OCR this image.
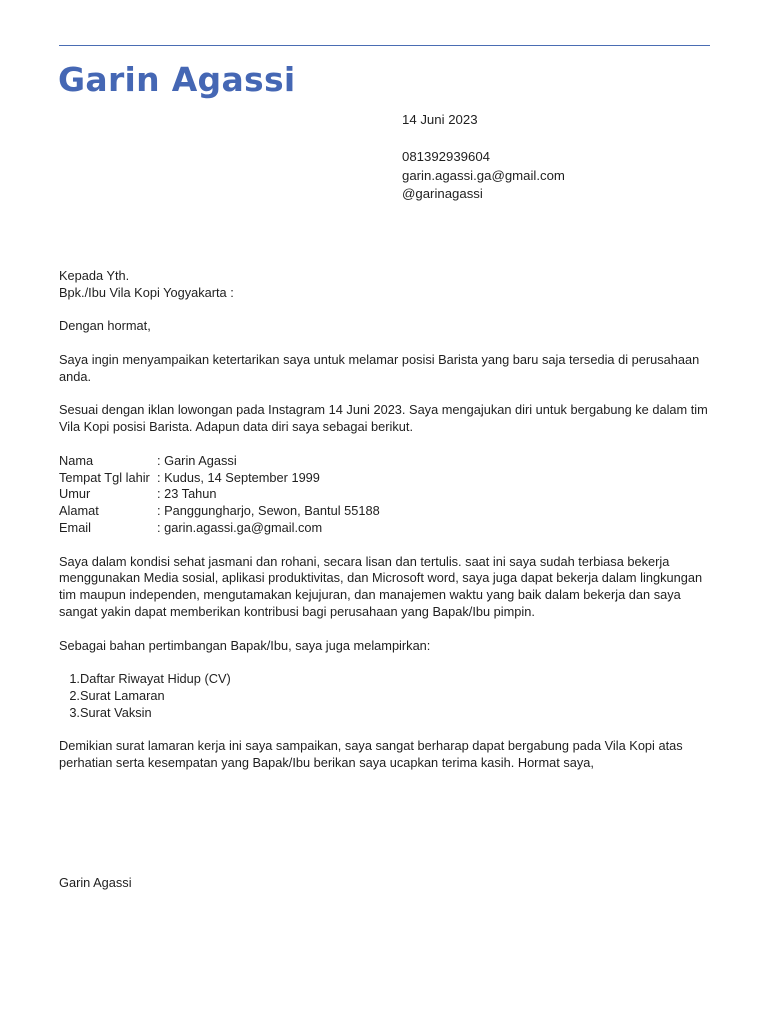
Garin Agassi
14 Juni 2023
081392939604
garin.agassi.ga@gmail.com
@garinagassi

Kepada Yth.

Bpk./Ibu Vila Kopi Yogyakarta :

Dengan hormat,

Saya ingin menyampaikan ketertarikan saya untuk melamar posisi Barista yang baru saja tersedia di perusahaan anda.

Sesuai dengan iklan lowongan pada Instagram 14 Juni 2023. Saya mengajukan diri untuk bergabung ke dalam tim Vila Kopi posisi Barista. Adapun data diri saya sebagai berikut.

Nama	: Garin Agassi
Tempat Tgl lahir : Kudus, 14 September 1999
Umur	: 23 Tahun
Alamat	: Panggungharjo, Sewon, Bantul 55188
Email	: garin.agassi.ga@gmail.com

Saya dalam kondisi sehat jasmani dan rohani, secara lisan dan tertulis. saat ini saya sudah terbiasa bekerja menggunakan Media sosial, aplikasi produktivitas, dan Microsoft word, saya juga dapat bekerja dalam lingkungan tim maupun independen, mengutamakan kejujuran, dan manajemen waktu yang baik dalam bekerja dan saya sangat yakin dapat memberikan kontribusi bagi perusahaan yang Bapak/Ibu pimpin.

Sebagai bahan pertimbangan Bapak/Ibu, saya juga melampirkan:

1. Daftar Riwayat Hidup (CV)
2. Surat Lamaran
3. Surat Vaksin

Demikian surat lamaran kerja ini saya sampaikan, saya sangat berharap dapat bergabung pada Vila Kopi atas perhatian serta kesempatan yang Bapak/Ibu berikan saya ucapkan terima kasih. Hormat saya,

Garin Agassi
